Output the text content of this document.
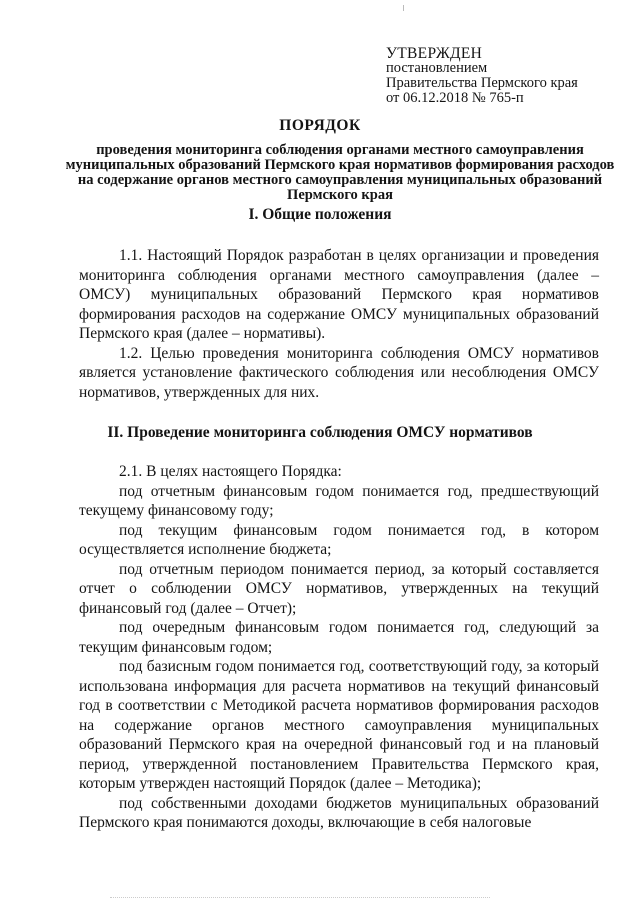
УТВЕРЖДЕН
постановлением
Правительства Пермского края
от 06.12.2018 № 765-п
ПОРЯДОК
проведения мониторинга соблюдения органами местного самоуправления муниципальных образований Пермского края нормативов формирования расходов на содержание органов местного самоуправления муниципальных образований Пермского края
I. Общие положения

1.1. Настоящий Порядок разработан в целях организации и проведения мониторинга соблюдения органами местного самоуправления (далее – ОМСУ) муниципальных образований Пермского края нормативов формирования расходов на содержание ОМСУ муниципальных образований Пермского края (далее – нормативы).

1.2. Целью проведения мониторинга соблюдения ОМСУ нормативов является установление фактического соблюдения или несоблюдения ОМСУ нормативов, утвержденных для них.

II. Проведение мониторинга соблюдения ОМСУ нормативов

2.1. В целях настоящего Порядка:

под отчетным финансовым годом понимается год, предшествующий текущему финансовому году;

под текущим финансовым годом понимается год, в котором осуществляется исполнение бюджета;

под отчетным периодом понимается период, за который составляется отчет о соблюдении ОМСУ нормативов, утвержденных на текущий финансовый год (далее – Отчет);

под очередным финансовым годом понимается год, следующий за текущим финансовым годом;

под базисным годом понимается год, соответствующий году, за который использована информация для расчета нормативов на текущий финансовый год в соответствии с Методикой расчета нормативов формирования расходов на содержание органов местного самоуправления муниципальных образований Пермского края на очередной финансовый год и на плановый период, утвержденной постановлением Правительства Пермского края, которым утвержден настоящий Порядок (далее – Методика);

под собственными доходами бюджетов муниципальных образований Пермского края понимаются доходы, включающие в себя налоговые
